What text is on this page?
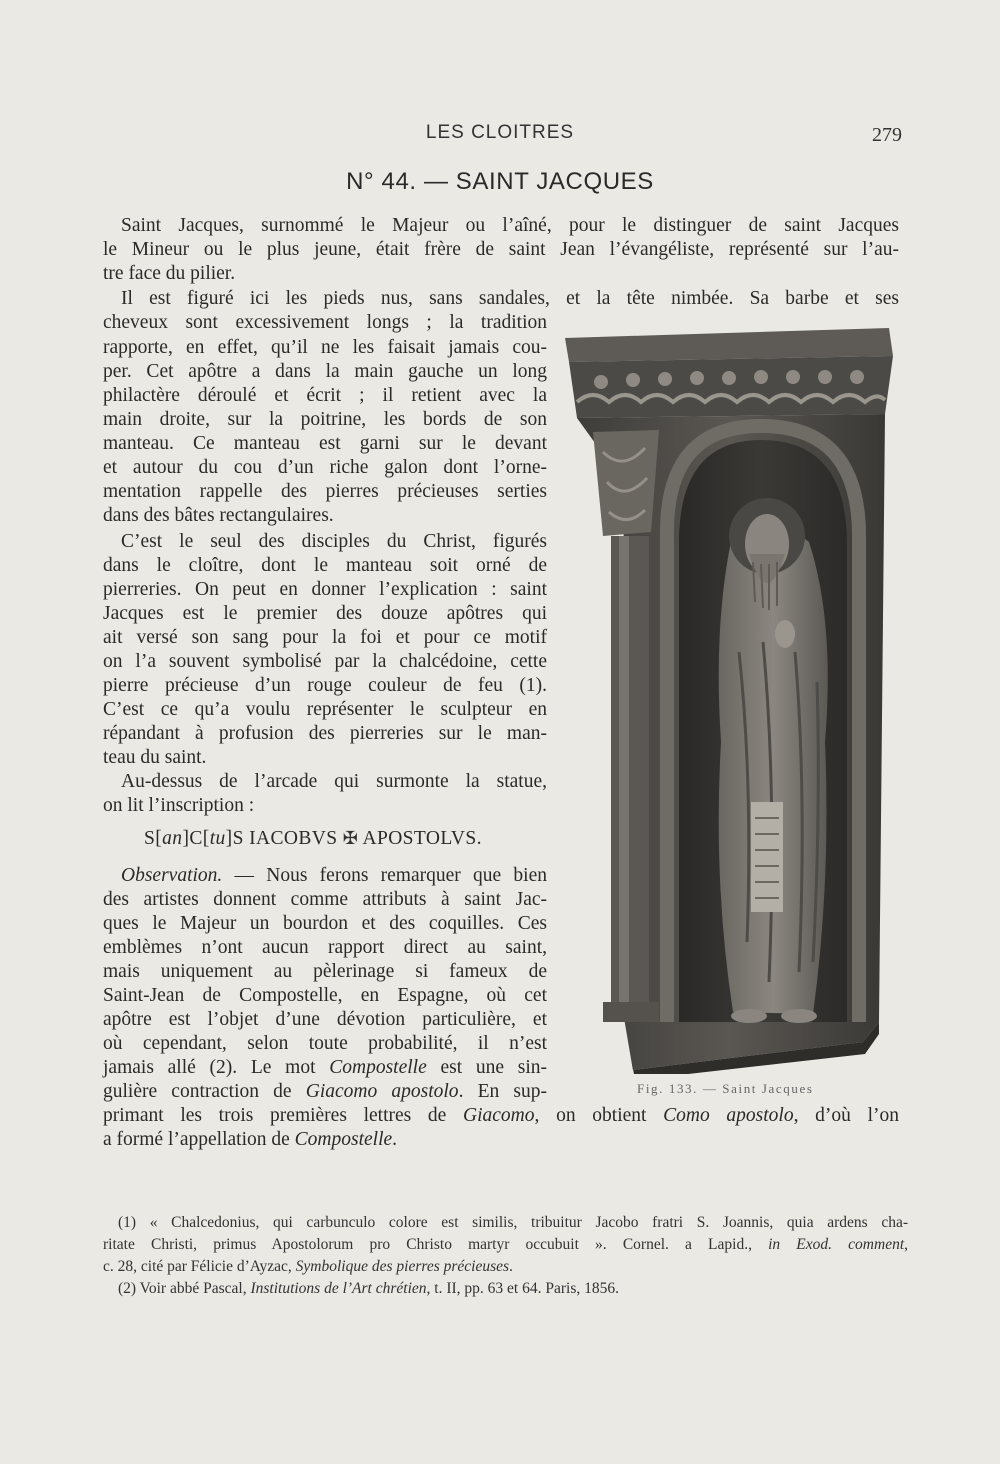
LES CLOITRES	279
N° 44. — SAINT JACQUES
Saint Jacques, surnommé le Majeur ou l’aîné, pour le distinguer de saint Jacques
le Mineur ou le plus jeune, était frère de saint Jean l’évangéliste, représenté sur l’au-
tre face du pilier.
Il est figuré ici les pieds nus, sans sandales, et la tête nimbée. Sa barbe et ses
cheveux sont excessivement longs ; la tradition
rapporte, en effet, qu’il ne les faisait jamais cou-
per. Cet apôtre a dans la main gauche un long
philactère déroulé et écrit ; il retient avec la
main droite, sur la poitrine, les bords de son
manteau. Ce manteau est garni sur le devant
et autour du cou d’un riche galon dont l’orne-
mentation rappelle des pierres précieuses serties
dans des bâtes rectangulaires.
C’est le seul des disciples du Christ, figurés
dans le cloître, dont le manteau soit orné de
pierreries. On peut en donner l’explication : saint
Jacques est le premier des douze apôtres qui
ait versé son sang pour la foi et pour ce motif
on l’a souvent symbolisé par la chalcédoine, cette
pierre précieuse d’un rouge couleur de feu (1).
C’est ce qu’a voulu représenter le sculpteur en
répandant à profusion des pierreries sur le man-
teau du saint.
Au-dessus de l’arcade qui surmonte la statue,
on lit l’inscription :
S[an]C[tu]S IACOBVS ✠ APOSTOLVS.
Observation. — Nous ferons remarquer que bien
des artistes donnent comme attributs à saint Jac-
ques le Majeur un bourdon et des coquilles. Ces
emblèmes n’ont aucun rapport direct au saint,
mais uniquement au pèlerinage si fameux de
Saint-Jean de Compostelle, en Espagne, où cet
apôtre est l’objet d’une dévotion particulière, et
où cependant, selon toute probabilité, il n’est
jamais allé (2). Le mot Compostelle est une sin-
gulière contraction de Giacomo apostolo. En sup-
primant les trois premières lettres de Giacomo, on obtient Como apostolo, d’où l’on
a formé l’appellation de Compostelle.
Fig. 133. — Saint Jacques
(1) « Chalcedonius, qui carbunculo colore est similis, tribuitur Jacobo fratri S. Joannis, quia ardens cha-
ritate Christi, primus Apostolorum pro Christo martyr occubuit ». Cornel. a Lapid., in Exod. comment,
c. 28, cité par Félicie d’Ayzac, Symbolique des pierres précieuses.
(2) Voir abbé Pascal, Institutions de l’Art chrétien, t. II, pp. 63 et 64. Paris, 1856.
